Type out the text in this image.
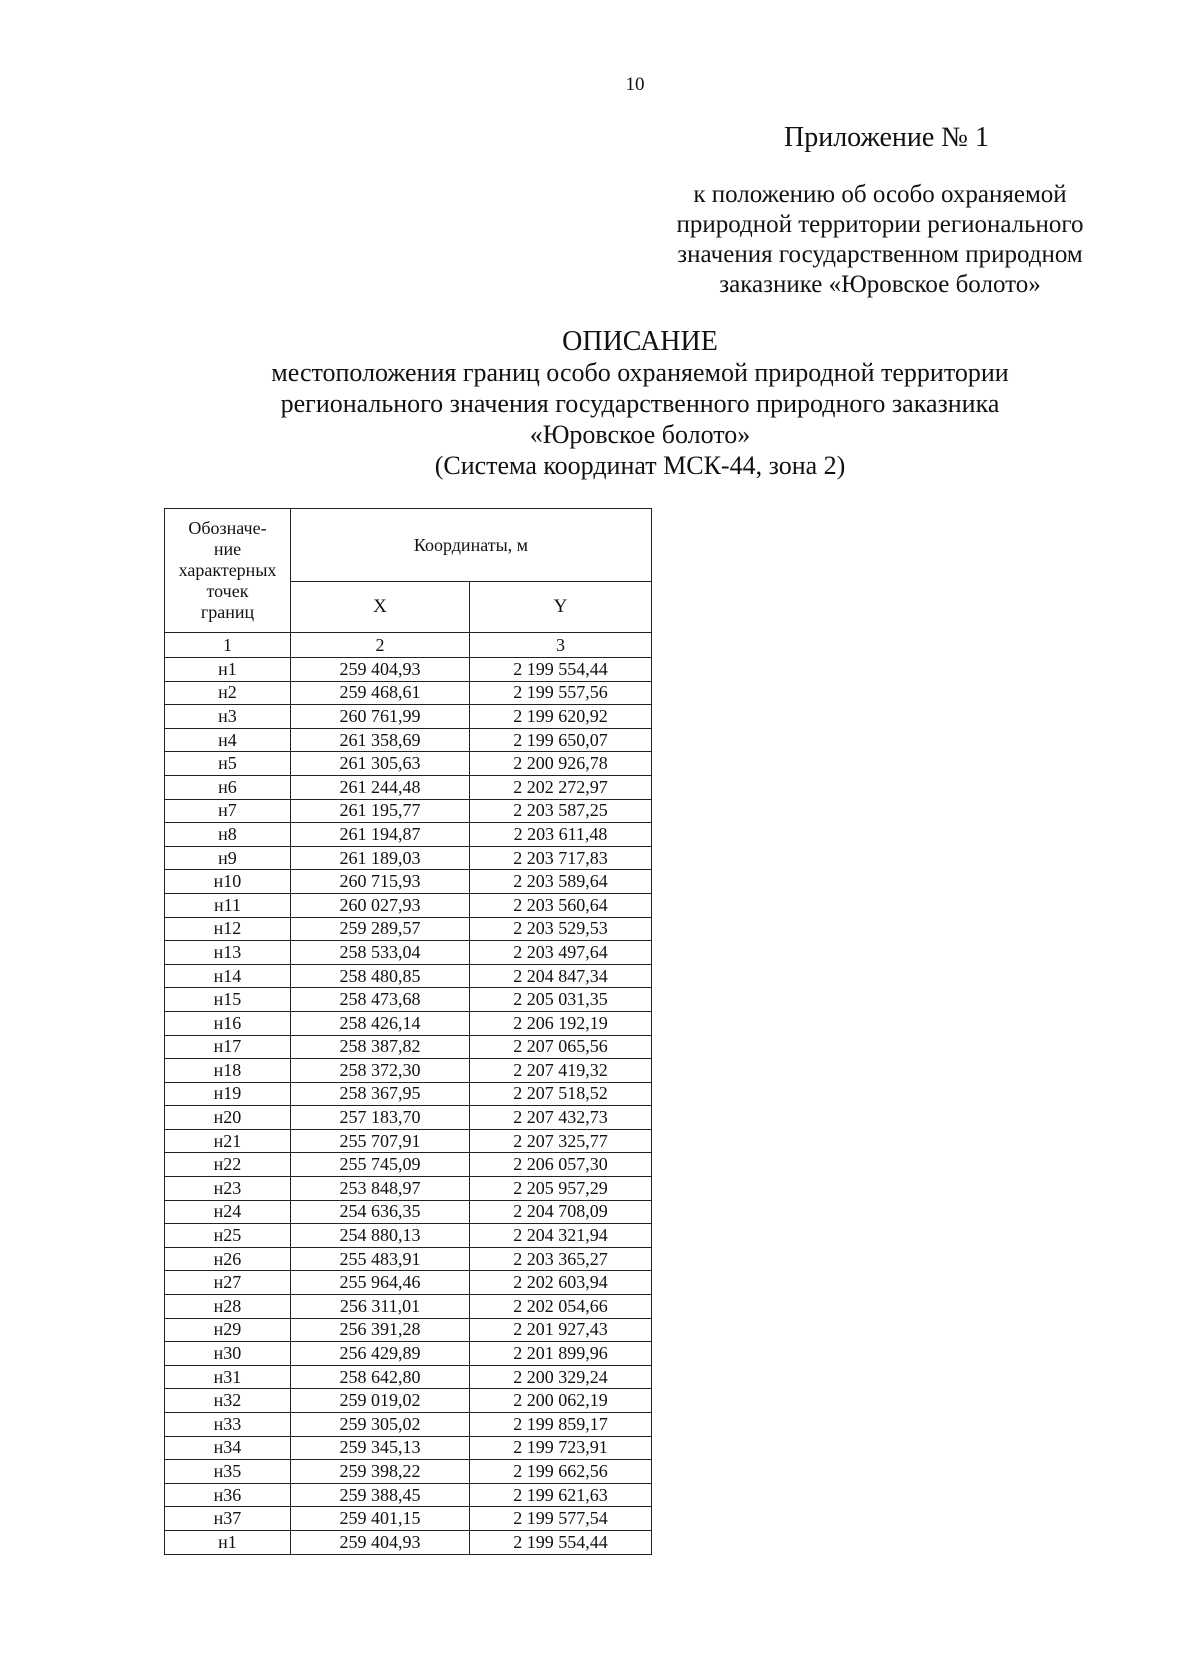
10
Приложение № 1
к положению об особо охраняемой
природной территории регионального
значения государственном природном
заказнике «Юровское болото»
ОПИСАНИЕ
местоположения границ особо охраняемой природной территории
регионального значения государственного природного заказника
«Юровское болото»
(Система координат МСК-44, зона 2)
Обозначе-
ние
характерных
точек
границ	Координаты, м	
	X	Y
1	2	3
н1	259 404,93	2 199 554,44
н2	259 468,61	2 199 557,56
н3	260 761,99	2 199 620,92
н4	261 358,69	2 199 650,07
н5	261 305,63	2 200 926,78
н6	261 244,48	2 202 272,97
н7	261 195,77	2 203 587,25
н8	261 194,87	2 203 611,48
н9	261 189,03	2 203 717,83
н10	260 715,93	2 203 589,64
н11	260 027,93	2 203 560,64
н12	259 289,57	2 203 529,53
н13	258 533,04	2 203 497,64
н14	258 480,85	2 204 847,34
н15	258 473,68	2 205 031,35
н16	258 426,14	2 206 192,19
н17	258 387,82	2 207 065,56
н18	258 372,30	2 207 419,32
н19	258 367,95	2 207 518,52
н20	257 183,70	2 207 432,73
н21	255 707,91	2 207 325,77
н22	255 745,09	2 206 057,30
н23	253 848,97	2 205 957,29
н24	254 636,35	2 204 708,09
н25	254 880,13	2 204 321,94
н26	255 483,91	2 203 365,27
н27	255 964,46	2 202 603,94
н28	256 311,01	2 202 054,66
н29	256 391,28	2 201 927,43
н30	256 429,89	2 201 899,96
н31	258 642,80	2 200 329,24
н32	259 019,02	2 200 062,19
н33	259 305,02	2 199 859,17
н34	259 345,13	2 199 723,91
н35	259 398,22	2 199 662,56
н36	259 388,45	2 199 621,63
н37	259 401,15	2 199 577,54
н1	259 404,93	2 199 554,44
